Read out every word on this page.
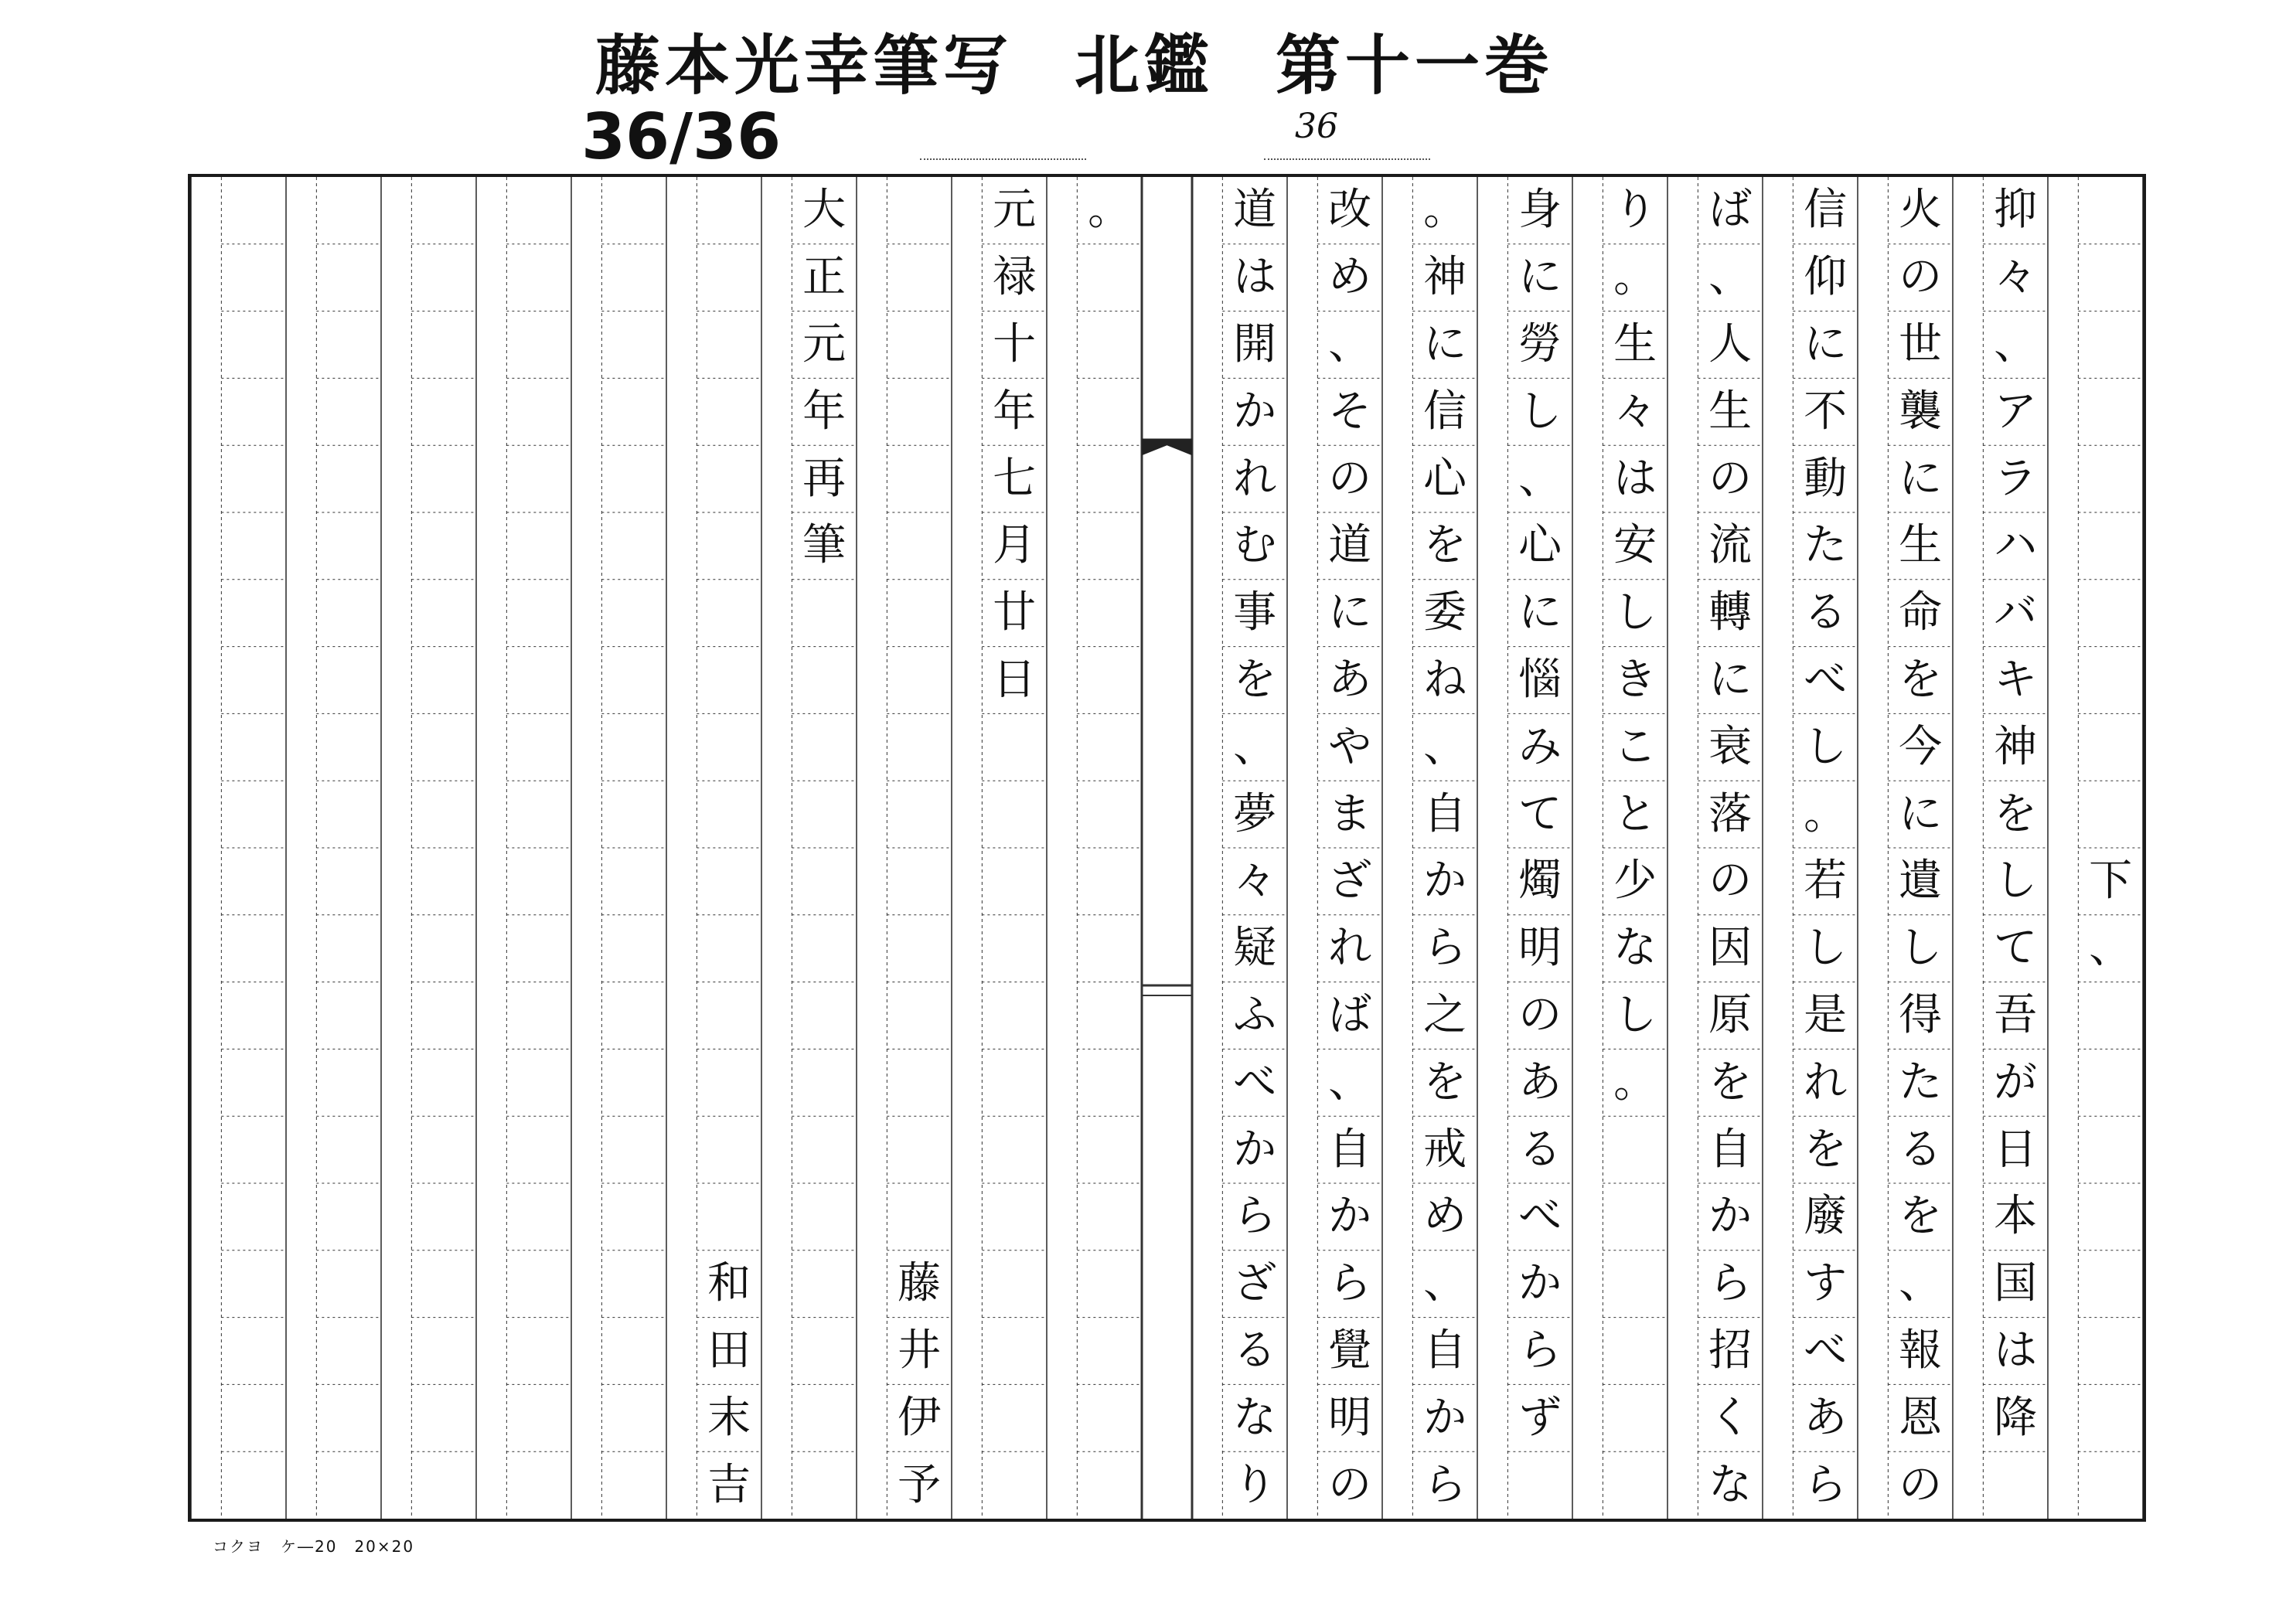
藤本光幸筆写 北鑑 第十一巻
36/36	36
下
、
抑
々
、
ア
ラ
ハ
バ
キ
神
を
し
て
吾
が
日
本
国
は
降
火
の
世
襲
に
生
命
を
今
に
遺
し
得
た
る
を
、
報
恩
の
信
仰
に
不
動
た
る
べ
し
。
若
し
是
れ
を
廢
す
べ
あ
ら
ば
、
人
生
の
流
轉
に
衰
落
の
因
原
を
自
か
ら
招
く
な
り
。
生
々
は
安
し
き
こ
と
少
な
し
。
身
に
勞
し
、
心
に
惱
み
て
燭
明
の
あ
る
べ
か
ら
ず
。
神
に
信
心
を
委
ね
、
自
か
ら
之
を
戒
め
、
自
か
ら
改
め
、
そ
の
道
に
あ
や
ま
ざ
れ
ば
、
自
か
ら
覺
明
の
道
は
開
か
れ
む
事
を
、
夢
々
疑
ふ
べ
か
ら
ざ
る
な
り
。
元
禄
十
年
七
月
廿
日
藤
井
伊
予
大
正
元
年
再
筆
和
田
末
吉
コクヨ　ケ―20　20×20
